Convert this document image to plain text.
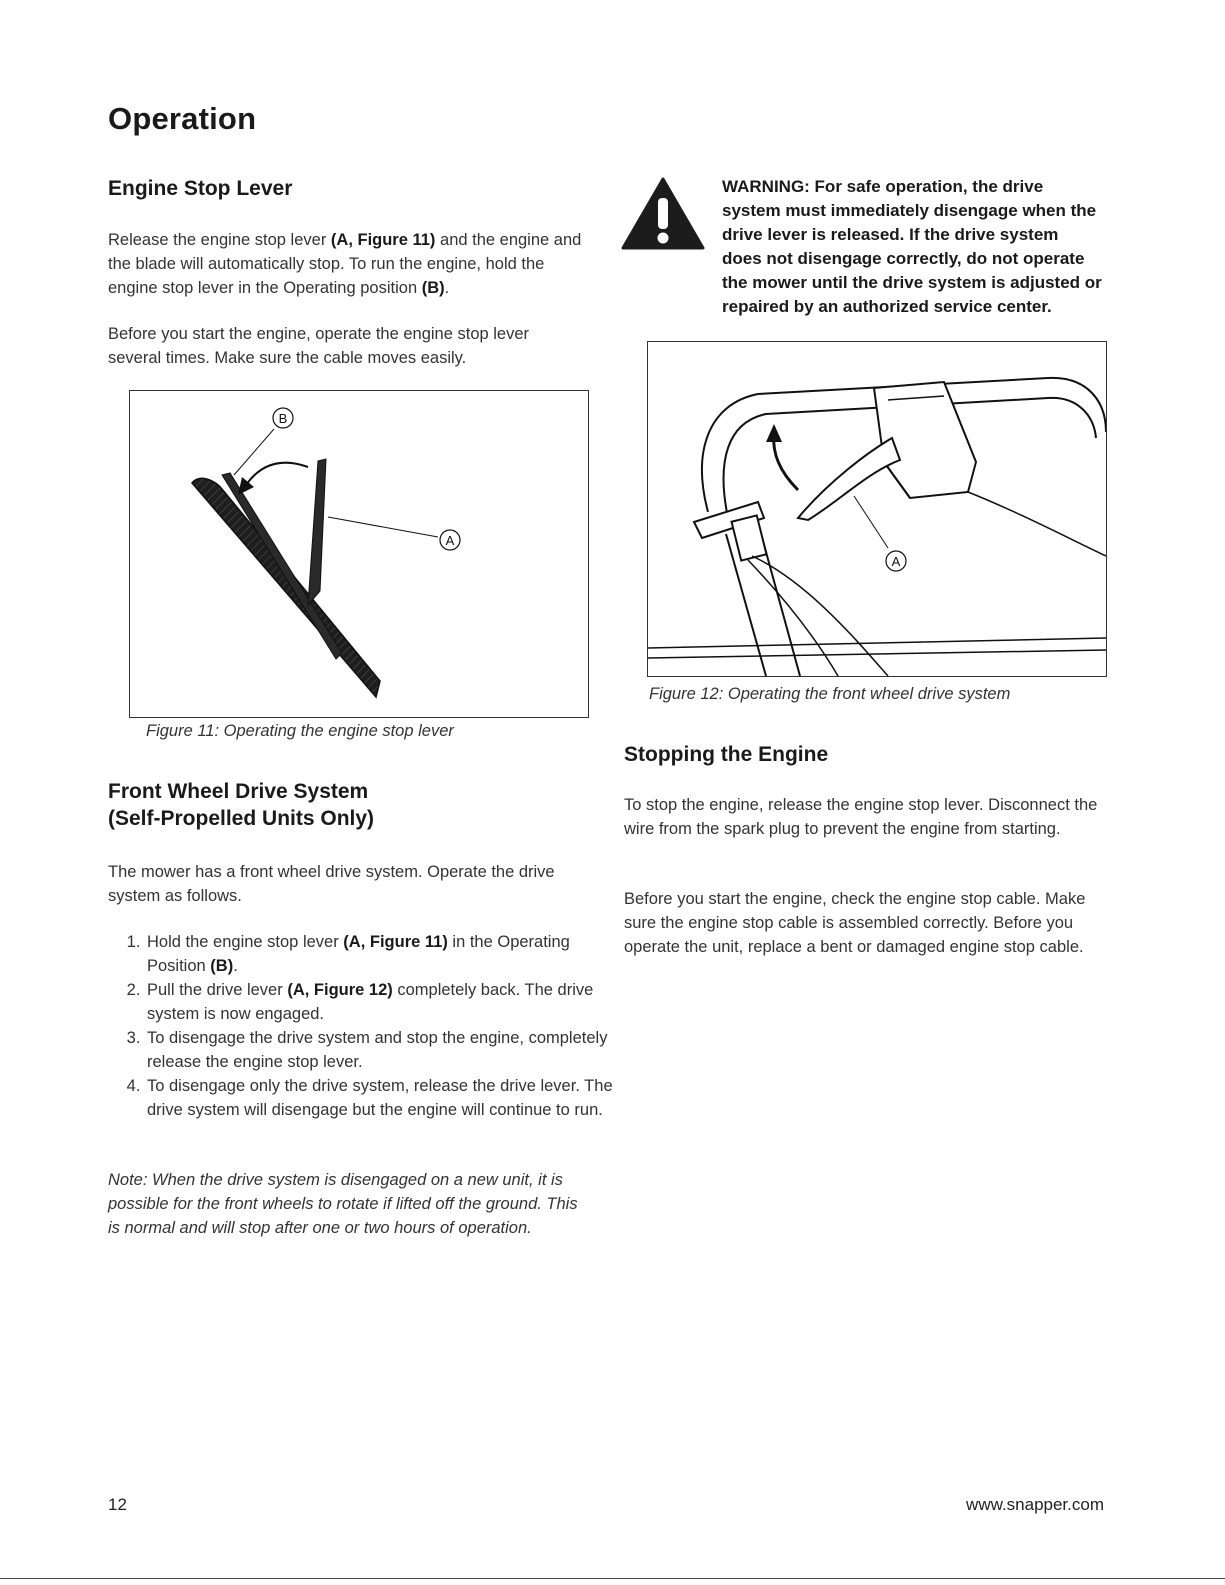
Operation
Engine Stop Lever
Release the engine stop lever (A, Figure 11) and the engine and the blade will automatically stop. To run the engine, hold the engine stop lever in the Operating position (B).
Before you start the engine, operate the engine stop lever several times. Make sure the cable moves easily.
B
A
Figure 11: Operating the engine stop lever
Front Wheel Drive System
(Self-Propelled Units Only)
The mower has a front wheel drive system. Operate the drive system as follows.
1. Hold the engine stop lever (A, Figure 11) in the Operating Position (B).
2. Pull the drive lever (A, Figure 12) completely back. The drive system is now engaged.
3. To disengage the drive system and stop the engine, completely release the engine stop lever.
4. To disengage only the drive system, release the drive lever. The drive system will disengage but the engine will continue to run.
Note: When the drive system is disengaged on a new unit, it is possible for the front wheels to rotate if lifted off the ground. This is normal and will stop after one or two hours of operation.
WARNING: For safe operation, the drive system must immediately disengage when the drive lever is released. If the drive system does not disengage correctly, do not operate the mower until the drive system is adjusted or repaired by an authorized service center.
A
Figure 12: Operating the front wheel drive system
Stopping the Engine
To stop the engine, release the engine stop lever. Disconnect the wire from the spark plug to prevent the engine from starting.
Before you start the engine, check the engine stop cable. Make sure the engine stop cable is assembled correctly. Before you operate the unit, replace a bent or damaged engine stop cable.
12	www.snapper.com
